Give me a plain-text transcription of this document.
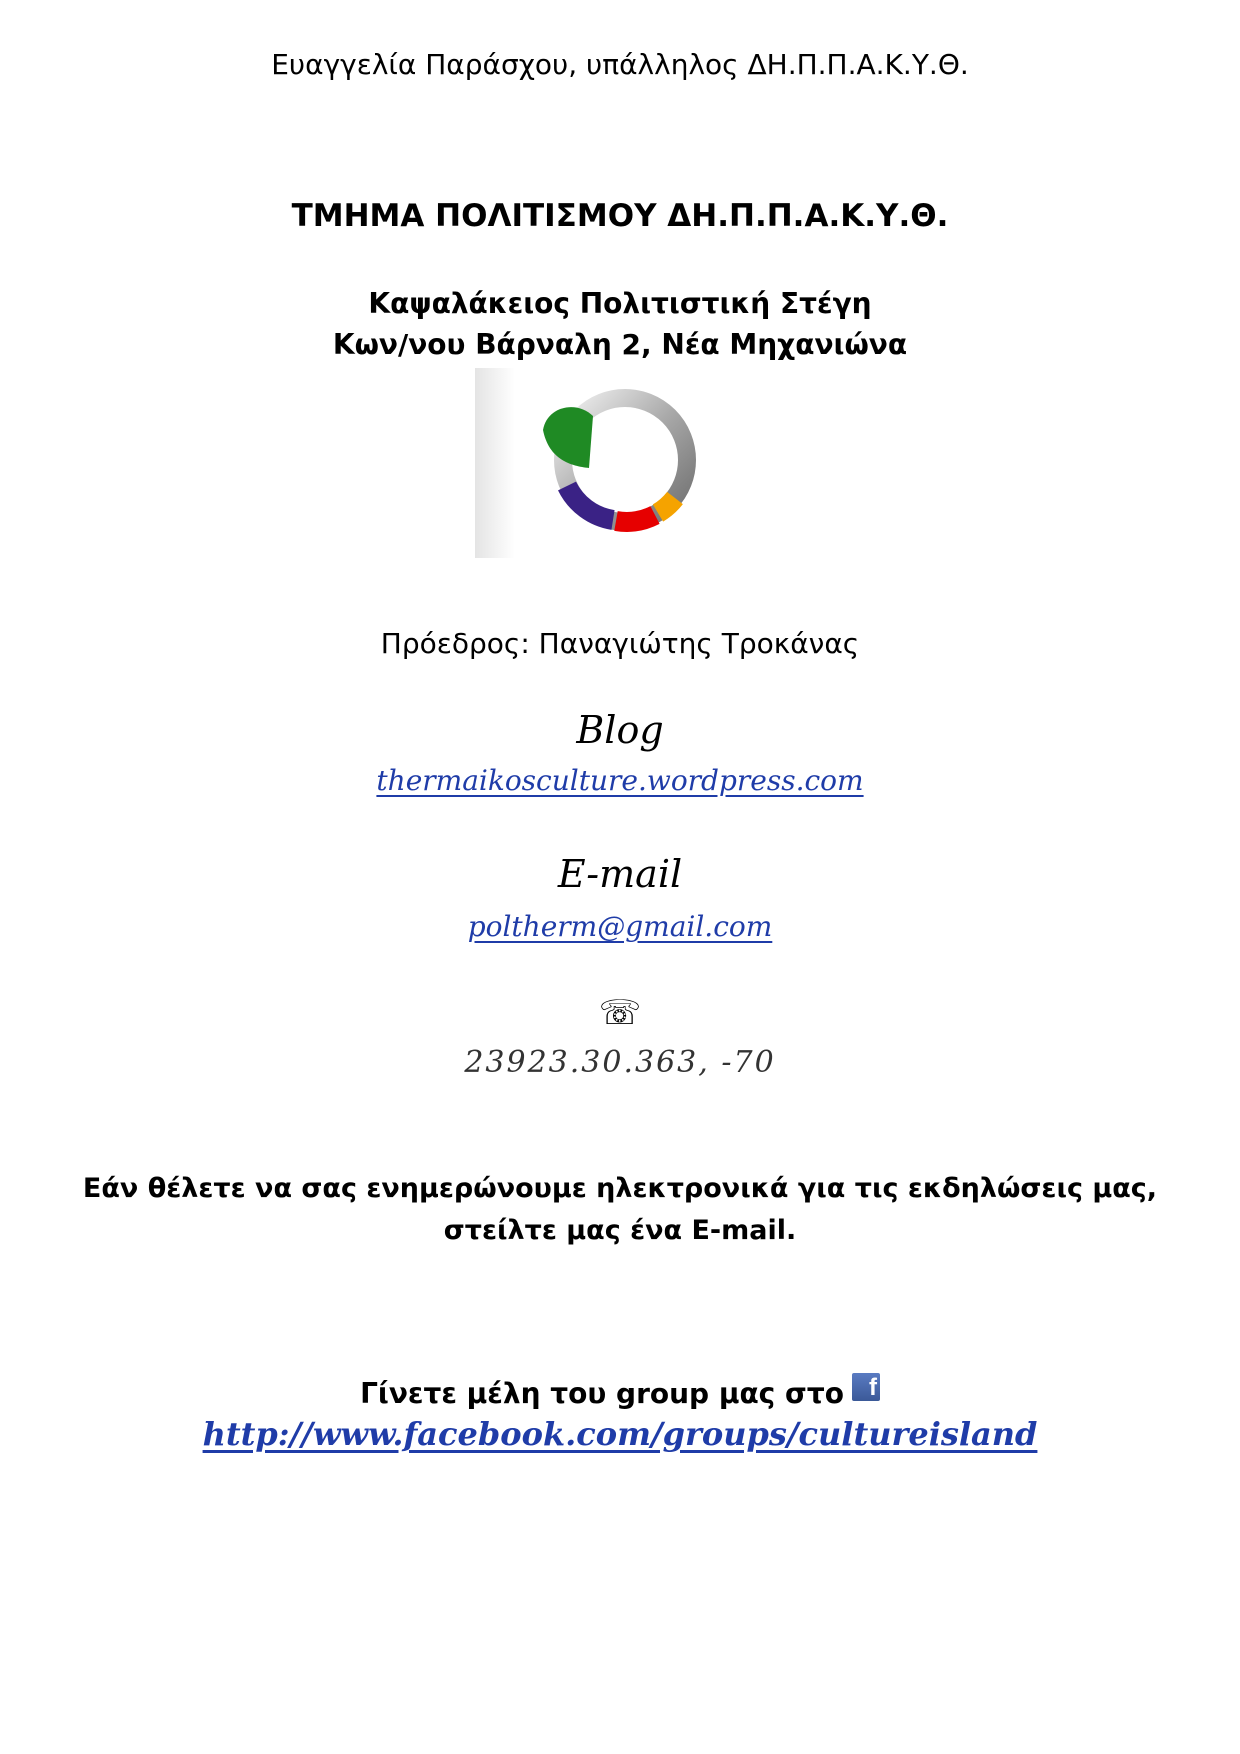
Ευαγγελία Παράσχου, υπάλληλος ΔΗ.Π.Π.Α.Κ.Υ.Θ.
ΤΜΗΜΑ ΠΟΛΙΤΙΣΜΟΥ ΔΗ.Π.Π.Α.Κ.Υ.Θ.
Καψαλάκειος Πολιτιστική Στέγη
Κων/νου Βάρναλη 2, Νέα Μηχανιώνα
Πρόεδρος: Παναγιώτης Τροκάνας
Blog
thermaikosculture.wordpress.com
E-mail
poltherm@gmail.com
☏
23923.30.363, -70
Εάν θέλετε να σας ενημερώνουμε ηλεκτρονικά για τις εκδηλώσεις μας,
στείλτε μας ένα E-mail.
Γίνετε μέλη του group μας στο f
http://www.facebook.com/groups/cultureisland
